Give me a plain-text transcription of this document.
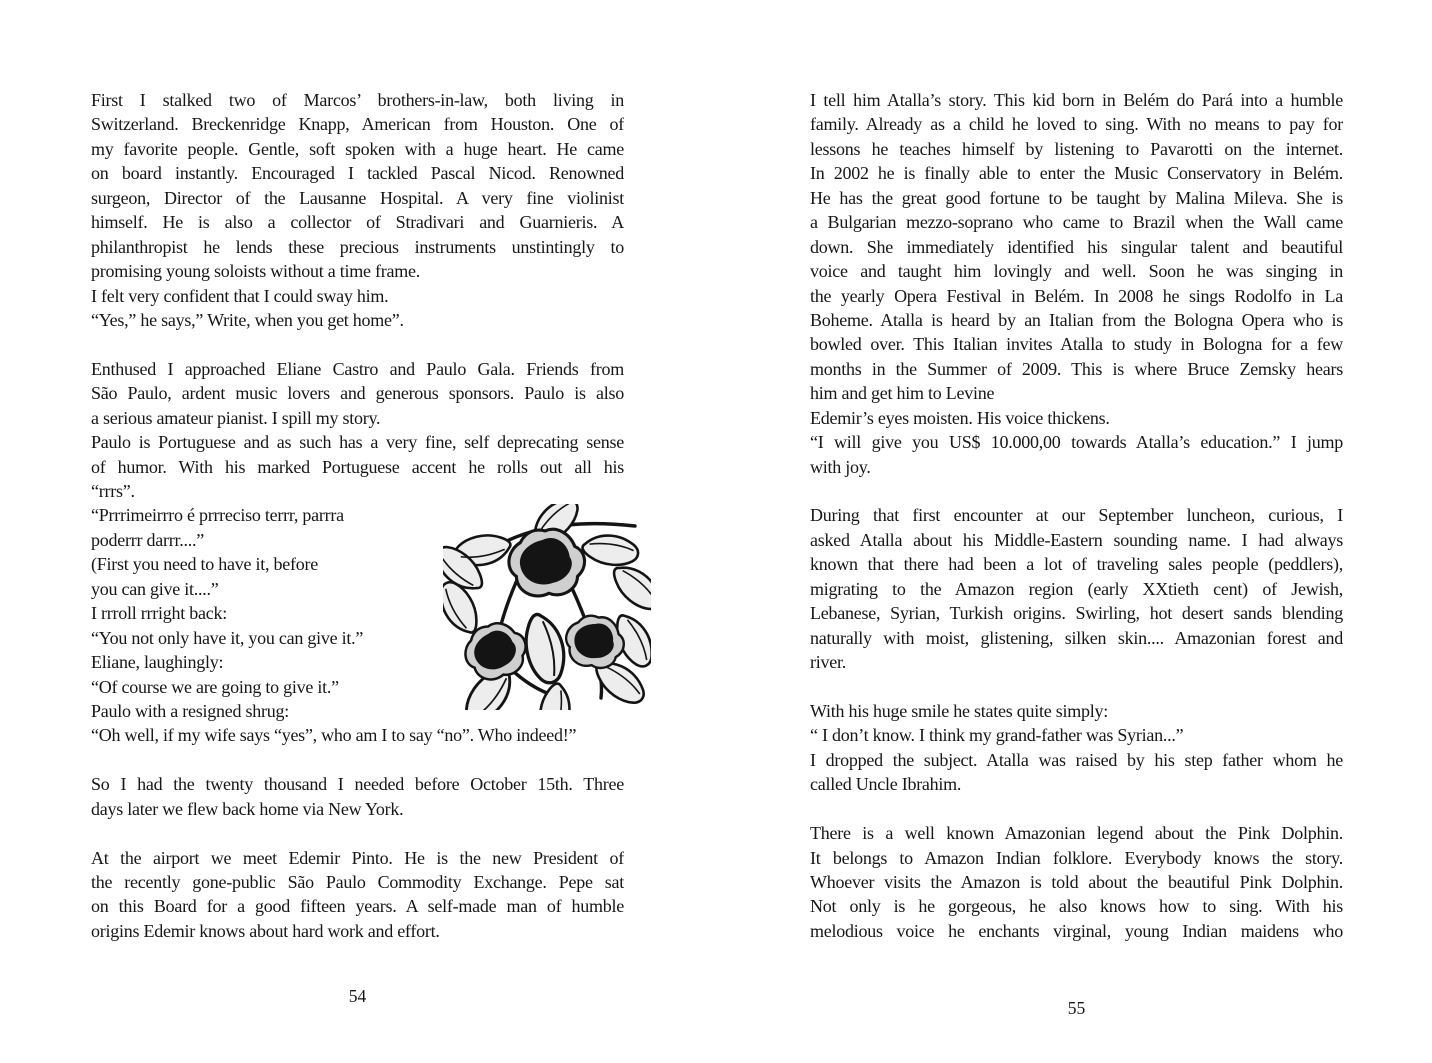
First I stalked two of Marcos’ brothers-in-law, both living in
Switzerland. Breckenridge Knapp, American from Houston. One of
my favorite people. Gentle, soft spoken with a huge heart. He came
on board instantly. Encouraged I tackled Pascal Nicod. Renowned
surgeon, Director of the Lausanne Hospital. A very fine violinist
himself. He is also a collector of Stradivari and Guarnieris. A
philanthropist he lends these precious instruments unstintingly to
promising young soloists without a time frame.
I felt very confident that I could sway him.
“Yes,” he says,” Write, when you get home”.
Enthused I approached Eliane Castro and Paulo Gala. Friends from
São Paulo, ardent music lovers and generous sponsors. Paulo is also
a serious amateur pianist. I spill my story.
Paulo is Portuguese and as such has a very fine, self deprecating sense
of humor. With his marked Portuguese accent he rolls out all his
“rrrs”.
“Prrrimeirrro é prrreciso terrr, parrra
poderrr darrr....”
(First you need to have it, before
you can give it....”
I rrroll rrright back:
“You not only have it, you can give it.”
Eliane, laughingly:
“Of course we are going to give it.”
Paulo with a resigned shrug:
“Oh well, if my wife says “yes”, who am I to say “no”. Who indeed!”
So I had the twenty thousand I needed before October 15th. Three
days later we flew back home via New York.
At the airport we meet Edemir Pinto. He is the new President of
the recently gone-public São Paulo Commodity Exchange. Pepe sat
on this Board for a good fifteen years. A self-made man of humble
origins Edemir knows about hard work and effort.
I tell him Atalla’s story. This kid born in Belém do Pará into a humble
family. Already as a child he loved to sing. With no means to pay for
lessons he teaches himself by listening to Pavarotti on the internet.
In 2002 he is finally able to enter the Music Conservatory in Belém.
He has the great good fortune to be taught by Malina Mileva. She is
a Bulgarian mezzo-soprano who came to Brazil when the Wall came
down. She immediately identified his singular talent and beautiful
voice and taught him lovingly and well. Soon he was singing in
the yearly Opera Festival in Belém. In 2008 he sings Rodolfo in La
Boheme. Atalla is heard by an Italian from the Bologna Opera who is
bowled over. This Italian invites Atalla to study in Bologna for a few
months in the Summer of 2009. This is where Bruce Zemsky hears
him and get him to Levine
Edemir’s eyes moisten. His voice thickens.
“I will give you US$ 10.000,00 towards Atalla’s education.” I jump
with joy.
During that first encounter at our September luncheon, curious, I
asked Atalla about his Middle-Eastern sounding name. I had always
known that there had been a lot of traveling sales people (peddlers),
migrating to the Amazon region (early XXtieth cent) of Jewish,
Lebanese, Syrian, Turkish origins. Swirling, hot desert sands blending
naturally with moist, glistening, silken skin.... Amazonian forest and
river.
With his huge smile he states quite simply:
“ I don’t know. I think my grand-father was Syrian...”
I dropped the subject. Atalla was raised by his step father whom he
called Uncle Ibrahim.
There is a well known Amazonian legend about the Pink Dolphin.
It belongs to Amazon Indian folklore. Everybody knows the story.
Whoever visits the Amazon is told about the beautiful Pink Dolphin.
Not only is he gorgeous, he also knows how to sing. With his
melodious voice he enchants virginal, young Indian maidens who
54
55
